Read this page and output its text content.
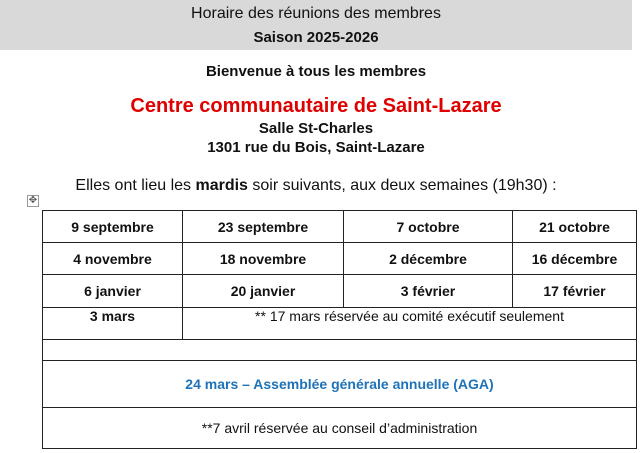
Horaire des réunions des membres
Saison 2025-2026
Bienvenue à tous les membres
Centre communautaire de Saint-Lazare
Salle St-Charles
1301 rue du Bois, Saint-Lazare
Elles ont lieu les mardis soir suivants, aux deux semaines (19h30) :
✥
9 septembre	23 septembre	7 octobre	21 octobre
4 novembre	18 novembre	2 décembre	16 décembre
6 janvier	20 janvier	3 février	17 février
3 mars	** 17 mars réservée au comité exécutif seulement		

24 mars – Assemblée générale annuelle (AGA)			
**7 avril réservée au conseil d’administration			
